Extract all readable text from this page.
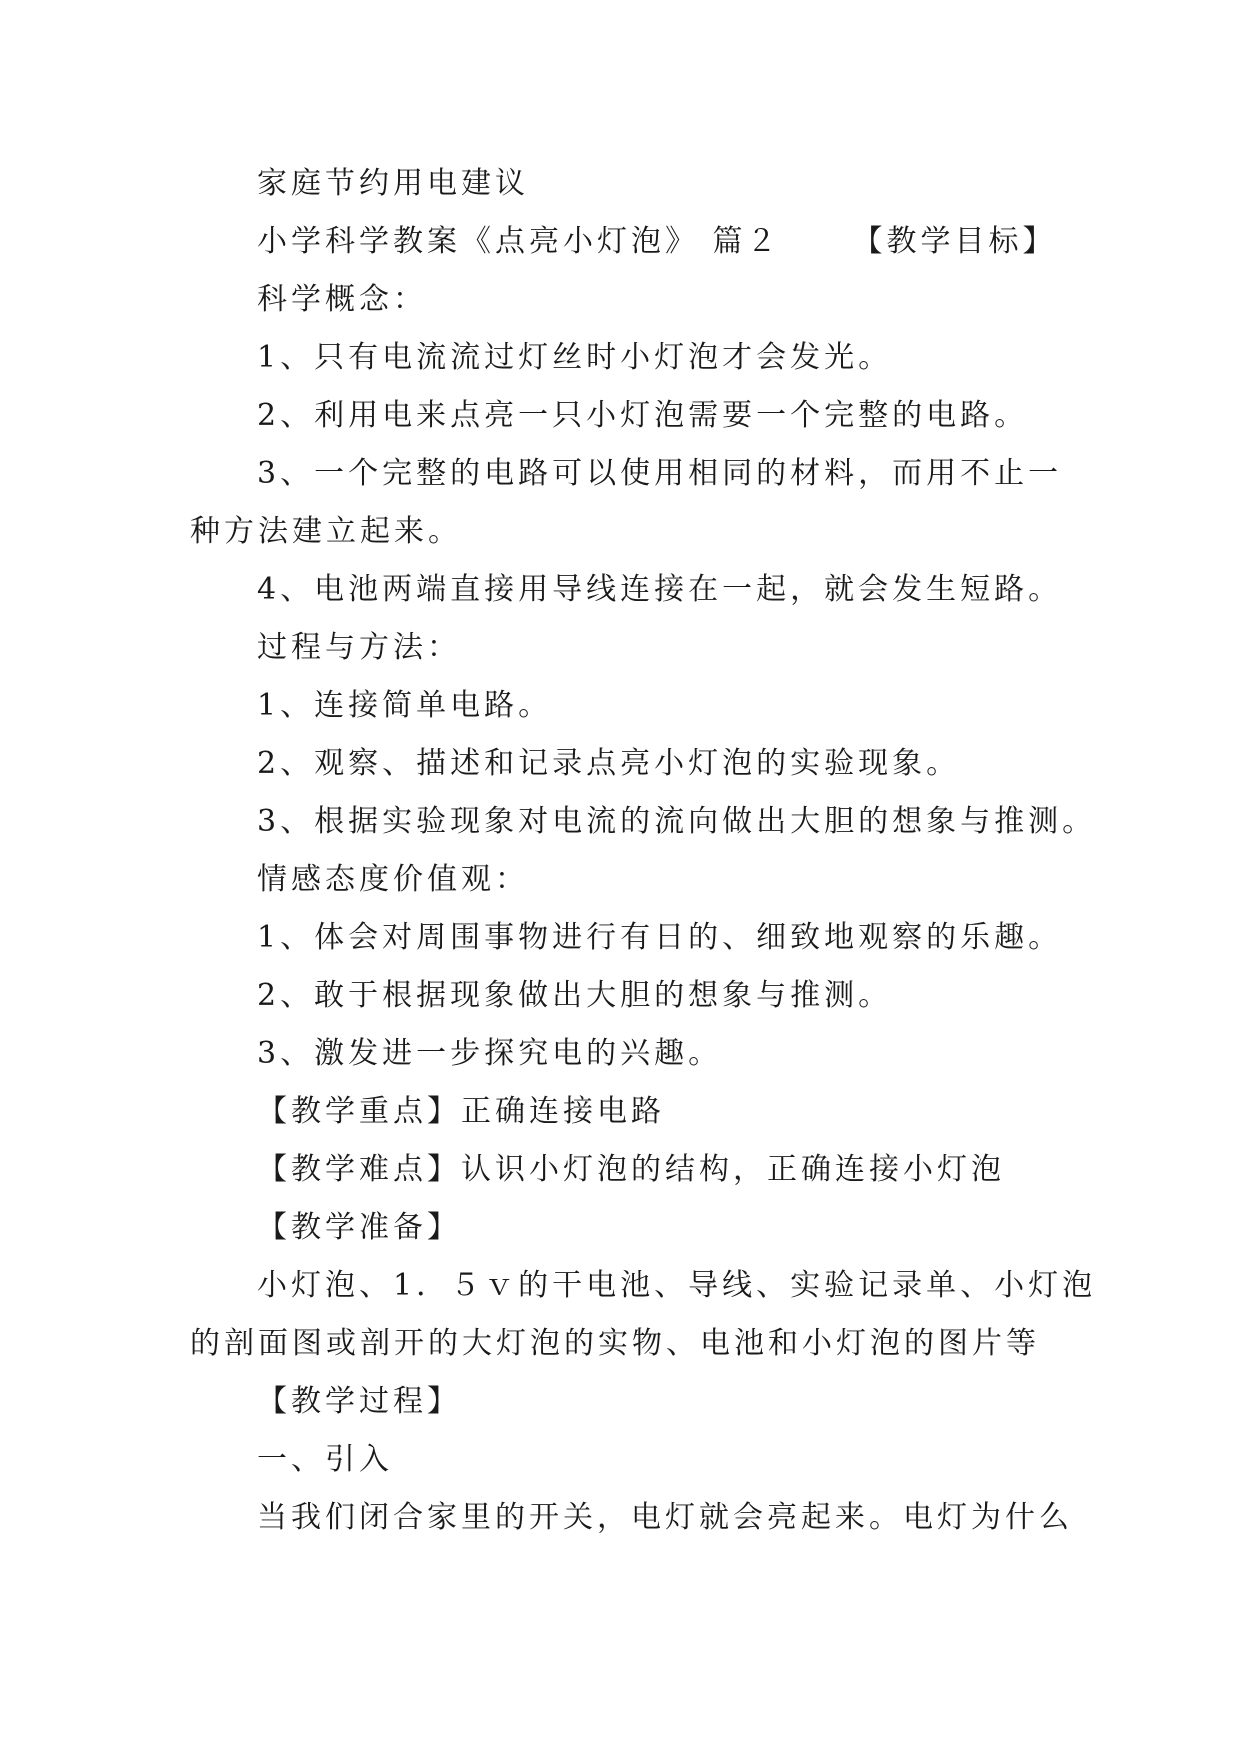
家庭节约用电建议
小学科学教案《点亮小灯泡》 篇２ 【教学目标】
科学概念：
1、只有电流流过灯丝时小灯泡才会发光。
2、利用电来点亮一只小灯泡需要一个完整的电路。
3、一个完整的电路可以使用相同的材料，而用不止一
种方法建立起来。
4、电池两端直接用导线连接在一起，就会发生短路。
过程与方法：
1、连接简单电路。
2、观察、描述和记录点亮小灯泡的实验现象。
3、根据实验现象对电流的流向做出大胆的想象与推测。
情感态度价值观：
1、体会对周围事物进行有日的、细致地观察的乐趣。
2、敢于根据现象做出大胆的想象与推测。
3、激发进一步探究电的兴趣。
【教学重点】正确连接电路
【教学难点】认识小灯泡的结构，正确连接小灯泡
【教学准备】
小灯泡、1．５ｖ的干电池、导线、实验记录单、小灯泡
的剖面图或剖开的大灯泡的实物、电池和小灯泡的图片等
【教学过程】
一、引入
当我们闭合家里的开关，电灯就会亮起来。电灯为什么
